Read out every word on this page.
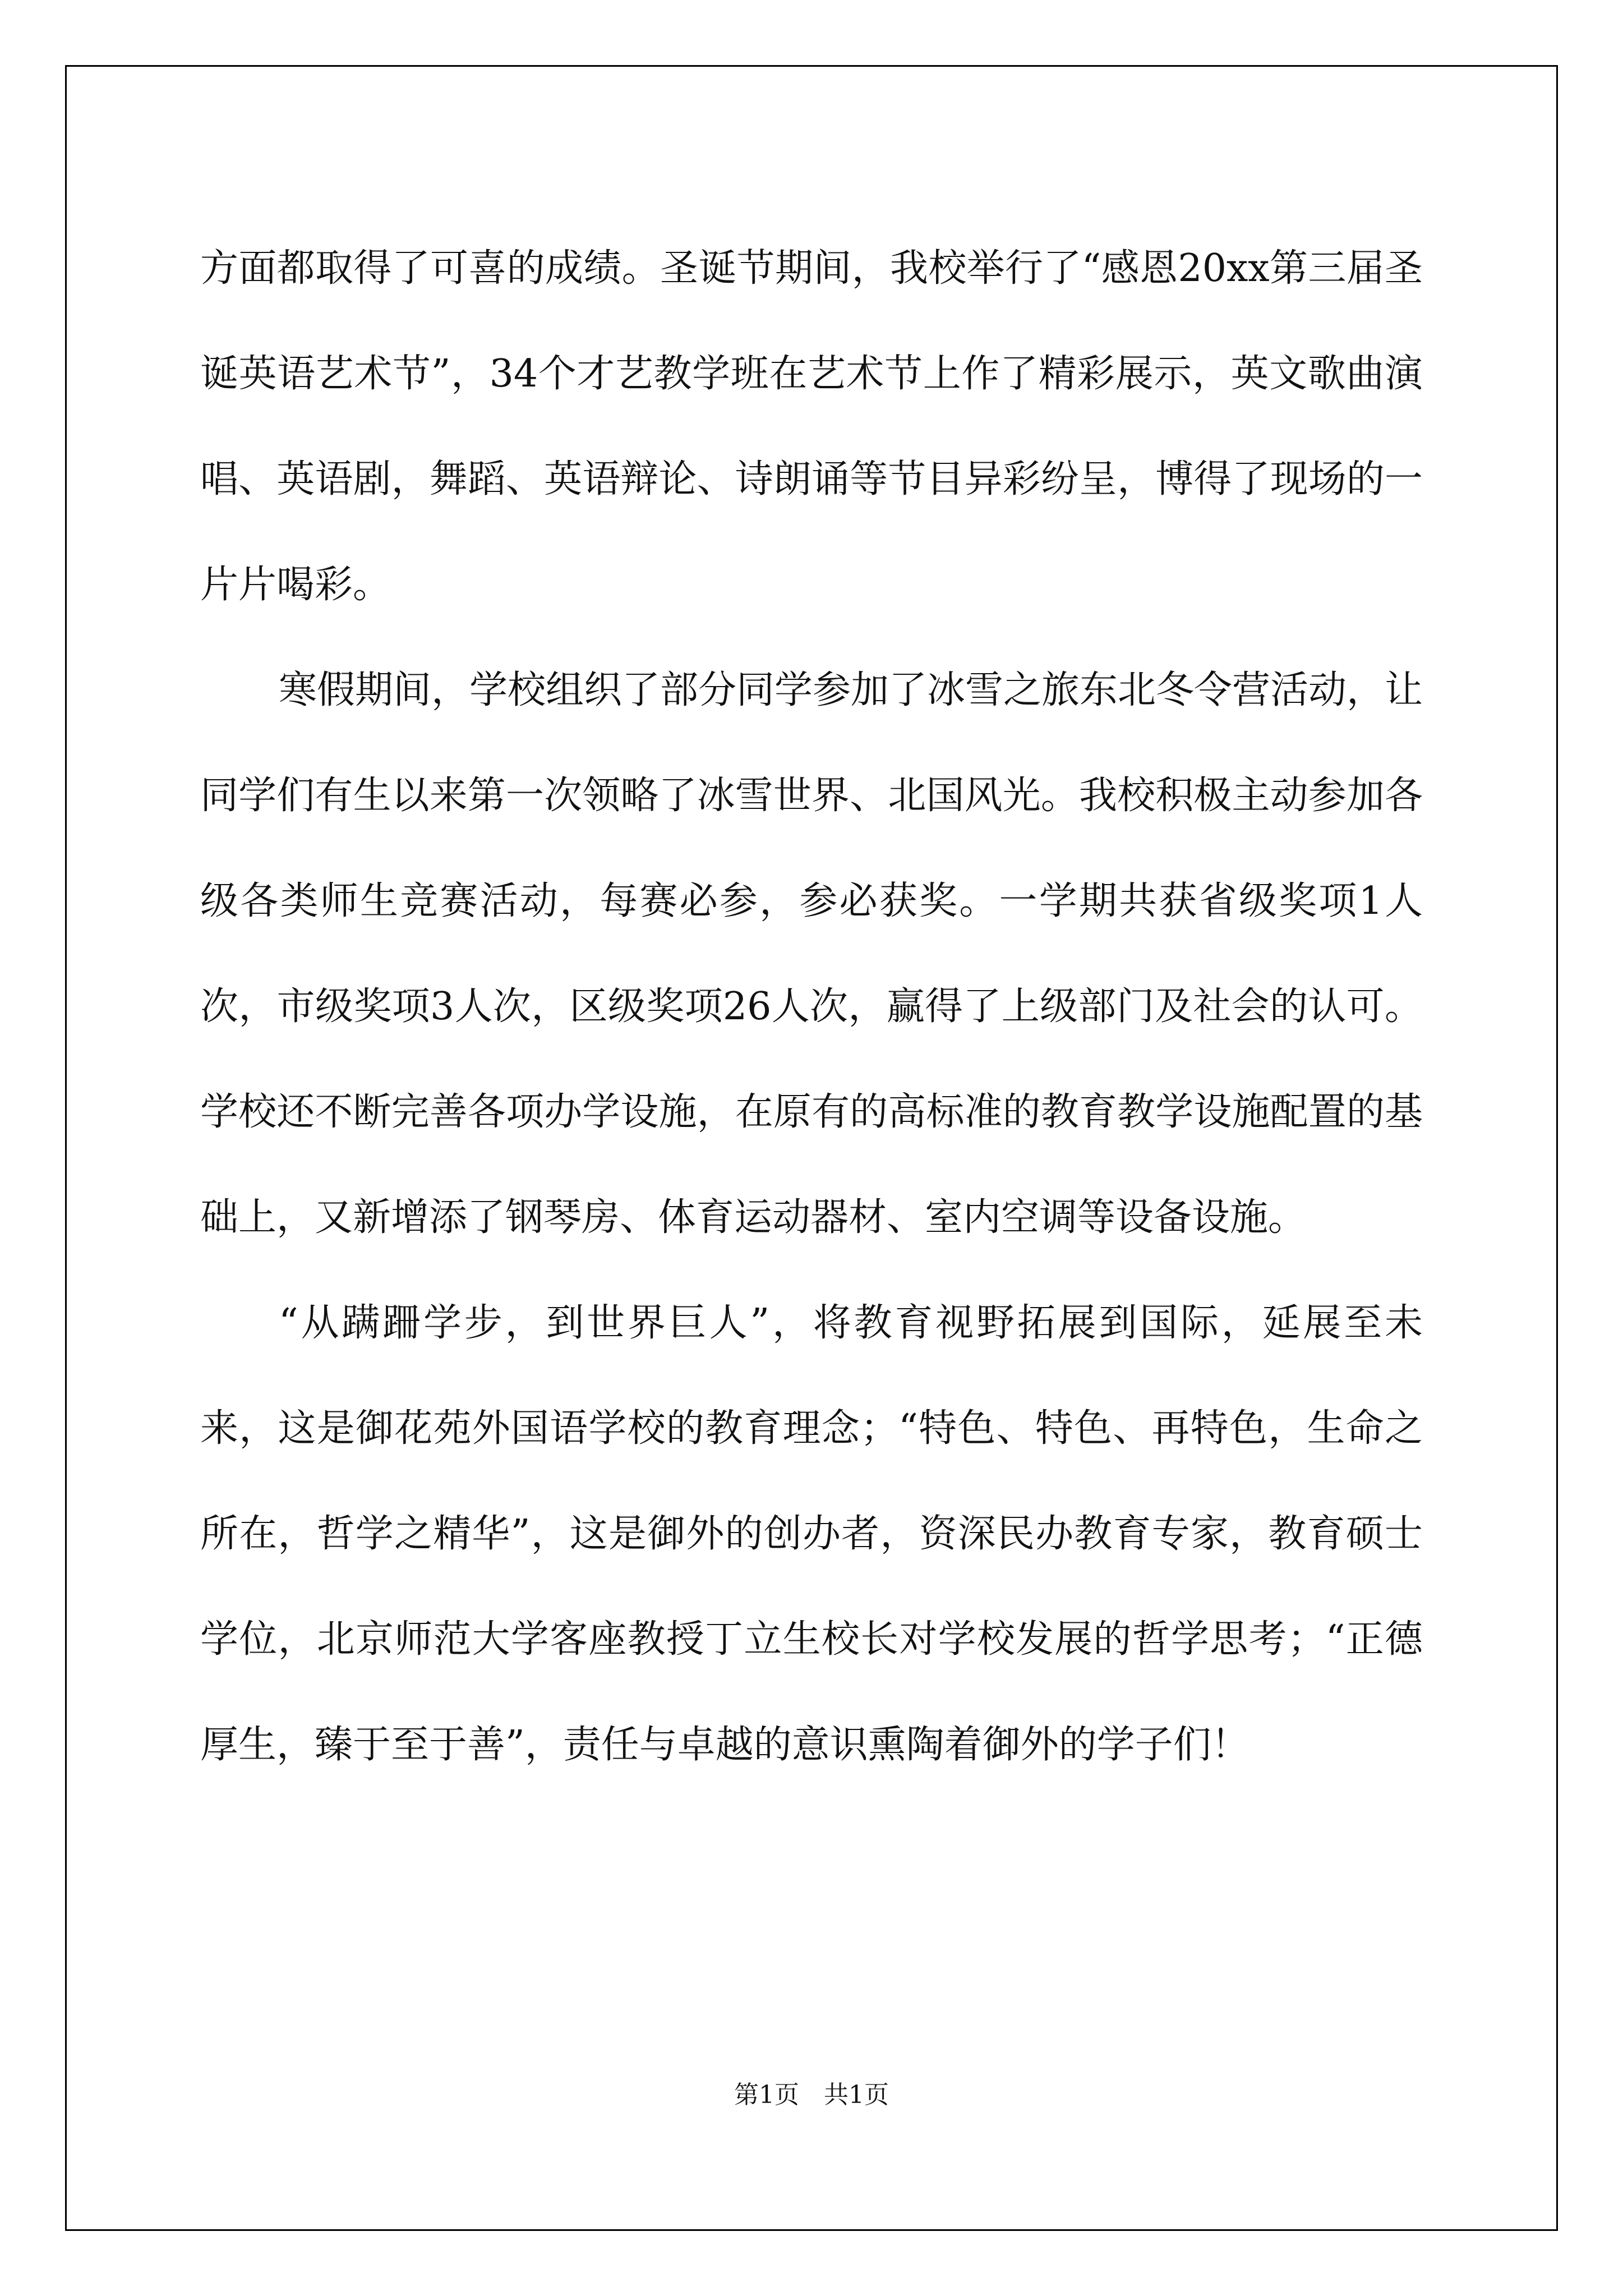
方面都取得了可喜的成绩。圣诞节期间，我校举行了“感恩20xx第三届圣诞英语艺术节”，34个才艺教学班在艺术节上作了精彩展示，英文歌曲演唱、英语剧，舞蹈、英语辩论、诗朗诵等节目异彩纷呈，博得了现场的一片片喝彩。

寒假期间，学校组织了部分同学参加了冰雪之旅东北冬令营活动，让同学们有生以来第一次领略了冰雪世界、北国风光。我校积极主动参加各级各类师生竞赛活动，每赛必参，参必获奖。一学期共获省级奖项1人次，市级奖项3人次，区级奖项26人次，赢得了上级部门及社会的认可。学校还不断完善各项办学设施，在原有的高标准的教育教学设施配置的基础上，又新增添了钢琴房、体育运动器材、室内空调等设备设施。

“从蹒跚学步，到世界巨人”，将教育视野拓展到国际，延展至未来，这是御花苑外国语学校的教育理念；“特色、特色、再特色，生命之所在，哲学之精华”，这是御外的创办者，资深民办教育专家，教育硕士学位，北京师范大学客座教授丁立生校长对学校发展的哲学思考；“正德厚生，臻于至于善”，责任与卓越的意识熏陶着御外的学子们！

第1页　共1页
